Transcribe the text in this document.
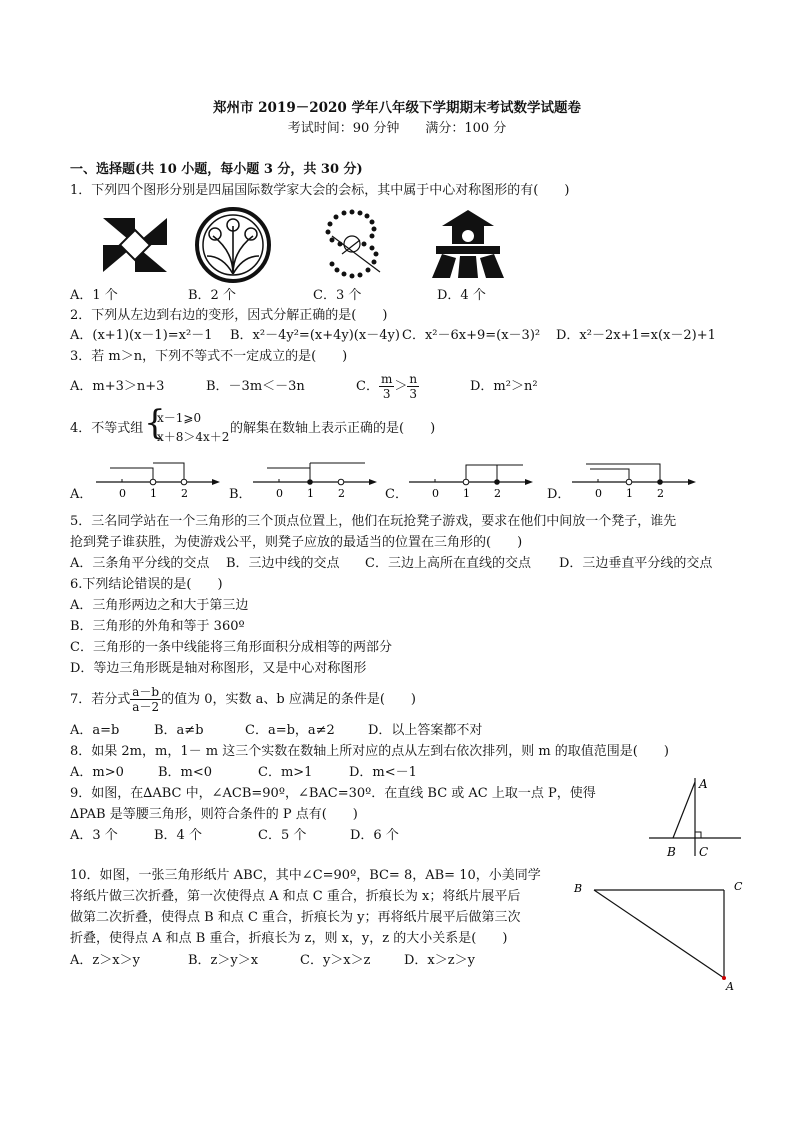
郑州市 2019－2020 学年八年级下学期期末考试数学试题卷
考试时间：90 分钟　　满分：100 分
一、选择题(共 10 小题，每小题 3 分，共 30 分)
1．下列四个图形分别是四届国际数学家大会的会标，其中属于中心对称图形的有(　　)
A．1 个	B．2 个	C．3 个	D．4 个
2．下列从左边到右边的变形，因式分解正确的是(　　)
A．(x+1)(x－1)=x²－1 B．x²－4y²=(x+4y)(x－4y) C．x²－6x+9=(x－3)² D．x²－2x+1=x(x－2)+1
3．若 m＞n，下列不等式不一定成立的是(　　)
A．m+3＞n+3	B．－3m＜－3n	C． $\frac{m}{3} > \frac{n}{3}$	D．m²＞n²
4．不等式组 {
x－1⩾0
x＋8＞4x＋2
的解集在数轴上表示正确的是(　　)
A．	B．	C．	D．
0 1 2	0 1 2	0 1 2	0 1 2
5．三名同学站在一个三角形的三个顶点位置上，他们在玩抢凳子游戏，要求在他们中间放一个凳子，谁先
抢到凳子谁获胜，为使游戏公平，则凳子应放的最适当的位置在三角形的(　　)
A．三条角平分线的交点 B．三边中线的交点 C．三边上高所在直线的交点 D．三边垂直平分线的交点
6.下列结论错误的是(　　)
A．三角形两边之和大于第三边
B．三角形的外角和等于 360º
C．三角形的一条中线能将三角形面积分成相等的两部分
D．等边三角形既是轴对称图形，又是中心对称图形
7．若分式 $\frac{a-b}{a-2}$ 的值为 0，实数 a、b 应满足的条件是(　　)
A．a=b	B．a≠b	C．a=b，a≠2	D．以上答案都不对
8．如果 2m，m，1－ m 这三个实数在数轴上所对应的点从左到右依次排列，则 m 的取值范围是(　　)
A．m>0	B．m<0	C．m>1	D．m<－1
9．如图，在∆ABC 中，∠ACB=90º，∠BAC=30º．在直线 BC 或 AC 上取一点 P，使得
∆PAB 是等腰三角形，则符合条件的 P 点有(　　)
A．3 个	B．4 个	C．5 个	D．6 个
A
B C
10．如图，一张三角形纸片 ABC，其中∠C=90º，BC= 8，AB= 10，小美同学
将纸片做三次折叠，第一次使得点 A 和点 C 重合，折痕长为 x；将纸片展平后
做第二次折叠，使得点 B 和点 C 重合，折痕长为 y；再将纸片展平后做第三次
折叠，使得点 A 和点 B 重合，折痕长为 z，则 x，y，z 的大小关系是(　　)
A．z＞x＞y	B．z＞y＞x	C．y＞x＞z	D．x＞z＞y
B	C
A
